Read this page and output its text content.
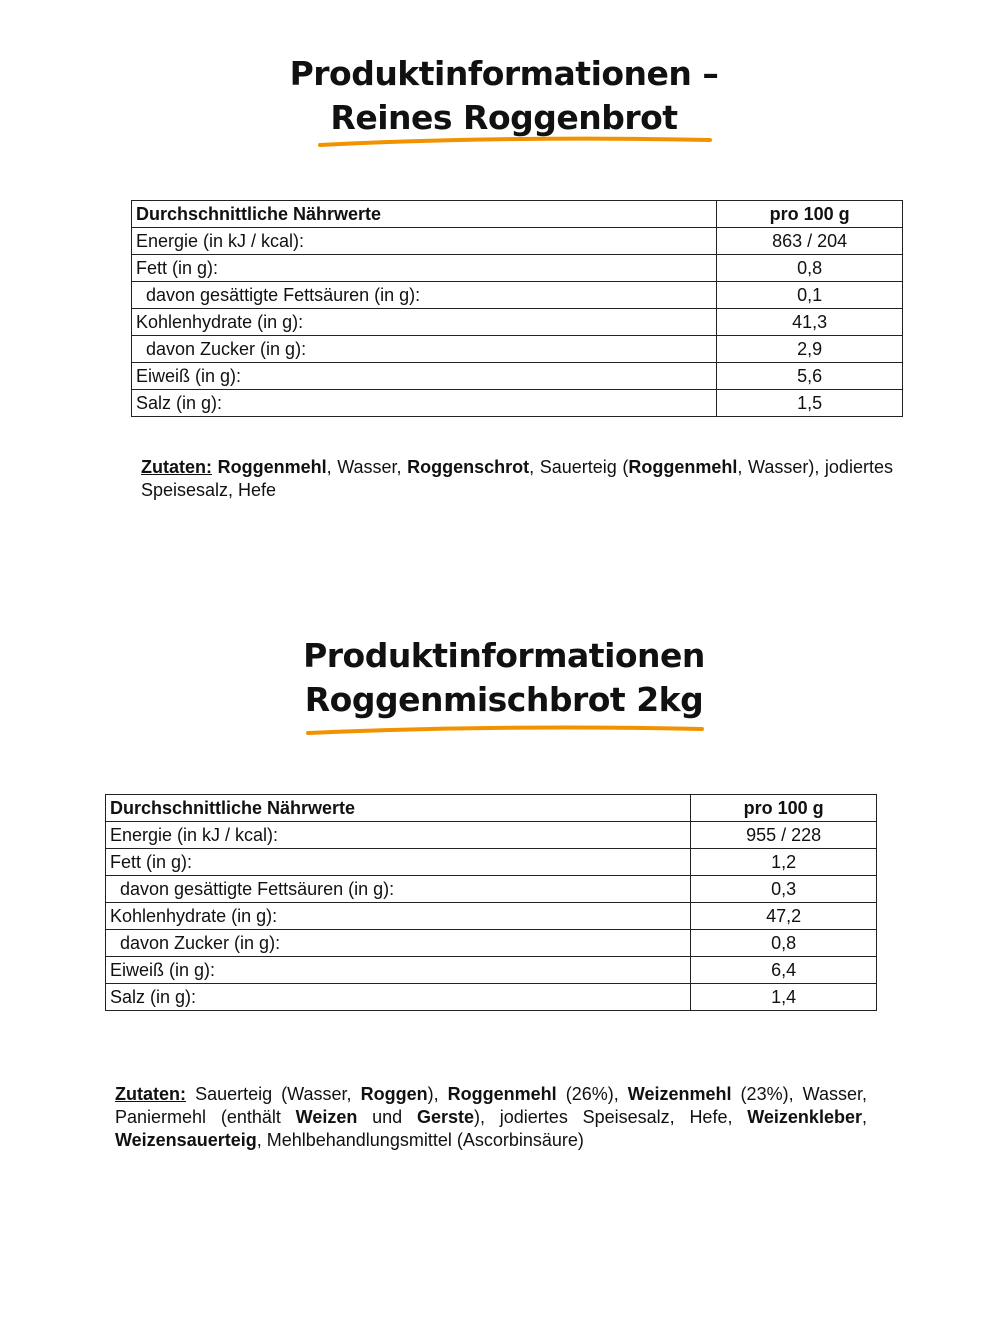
Produktinformationen –
Reines Roggenbrot
Durchschnittliche Nährwerte	pro 100 g
Energie (in kJ / kcal):	863 / 204
Fett (in g):	0,8
davon gesättigte Fettsäuren (in g):	0,1
Kohlenhydrate (in g):	41,3
davon Zucker (in g):	2,9
Eiweiß (in g):	5,6
Salz (in g):	1,5
Zutaten: Roggenmehl, Wasser, Roggenschrot, Sauerteig (Roggenmehl, Wasser), jodiertes Speisesalz, Hefe
Produktinformationen
Roggenmischbrot 2kg
Durchschnittliche Nährwerte	pro 100 g
Energie (in kJ / kcal):	955 / 228
Fett (in g):	1,2
davon gesättigte Fettsäuren (in g):	0,3
Kohlenhydrate (in g):	47,2
davon Zucker (in g):	0,8
Eiweiß (in g):	6,4
Salz (in g):	1,4
Zutaten: Sauerteig (Wasser, Roggen), Roggenmehl (26%), Weizenmehl (23%), Wasser, Paniermehl (enthält Weizen und Gerste), jodiertes Speisesalz, Hefe, Weizenkleber, Weizensauerteig, Mehlbehandlungsmittel (Ascorbinsäure)
